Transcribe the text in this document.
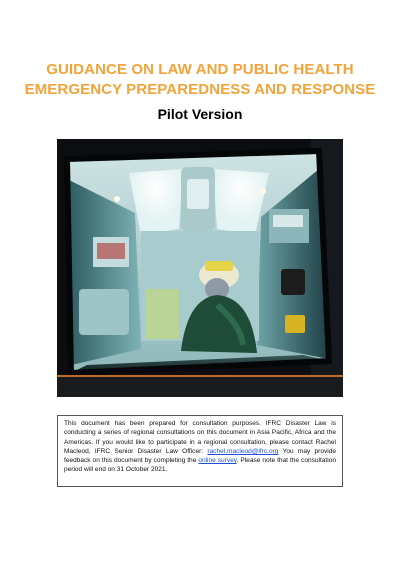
GUIDANCE ON LAW AND PUBLIC HEALTH
EMERGENCY PREPAREDNESS AND RESPONSE
Pilot Version
This document has been prepared for consultation purposes. IFRC Disaster Law is conducting a series of regional consultations on this document in Asia Pacific, Africa and the Americas. If you would like to participate in a regional consultation, please contact Rachel Macleod, IFRC Senior Disaster Law Officer: rachel.macleod@ifrc.org You may provide feedback on this document by completing the online survey. Please note that the consultation period will end on 31 October 2021.
